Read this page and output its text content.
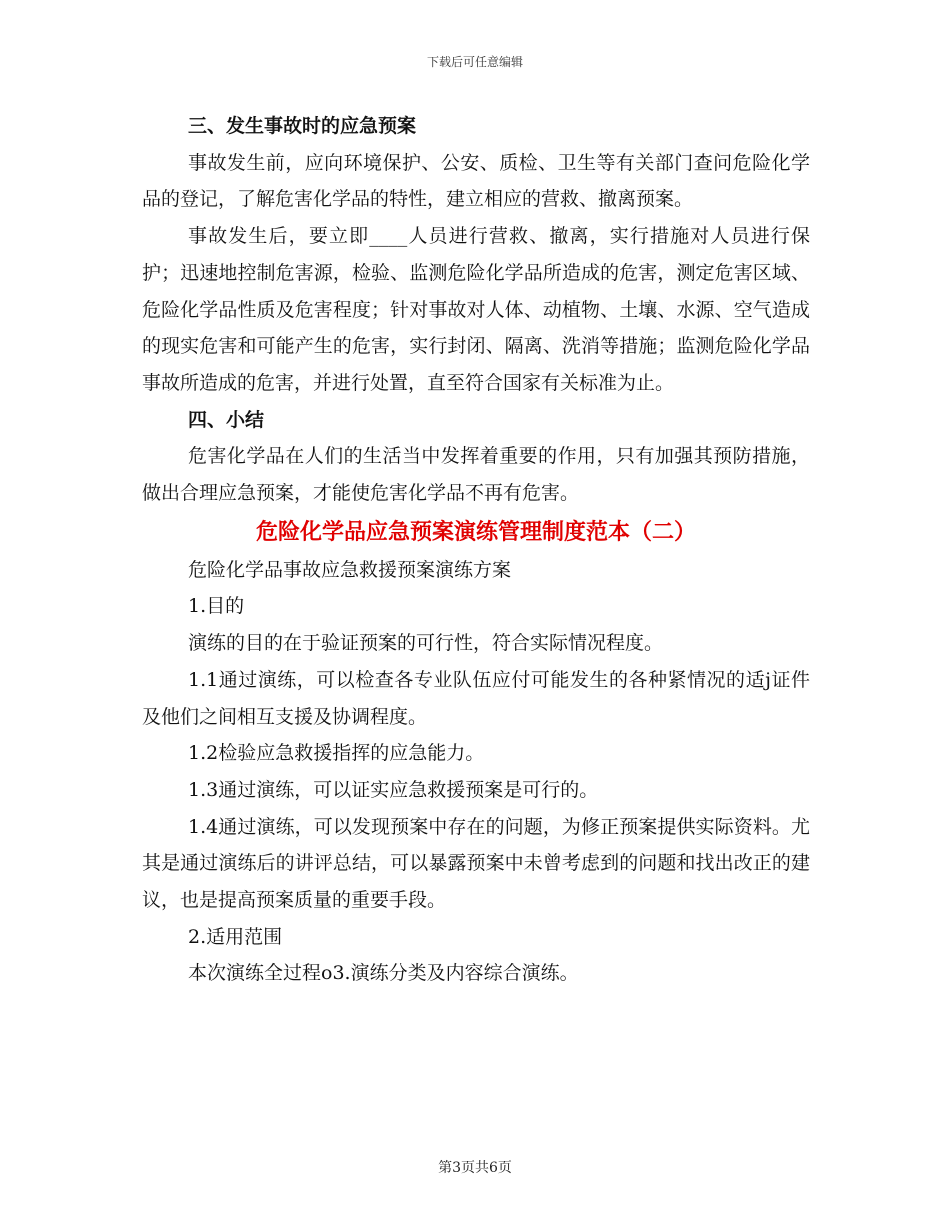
下载后可任意编辑

三、发生事故时的应急预案

事故发生前，应向环境保护、公安、质检、卫生等有关部门查问危险化学品的登记，了解危害化学品的特性，建立相应的营救、撤离预案。

事故发生后，要立即____人员进行营救、撤离，实行措施对人员进行保护；迅速地控制危害源，检验、监测危险化学品所造成的危害，测定危害区域、危险化学品性质及危害程度；针对事故对人体、动植物、土壤、水源、空气造成的现实危害和可能产生的危害，实行封闭、隔离、洗消等措施；监测危险化学品事故所造成的危害，并进行处置，直至符合国家有关标准为止。

四、小结

危害化学品在人们的生活当中发挥着重要的作用，只有加强其预防措施，做出合理应急预案，才能使危害化学品不再有危害。

危险化学品应急预案演练管理制度范本（二）

危险化学品事故应急救援预案演练方案

1.目的

演练的目的在于验证预案的可行性，符合实际情况程度。

1.1通过演练，可以检查各专业队伍应付可能发生的各种紧情况的适j证件及他们之间相互支援及协调程度。

1.2检验应急救援指挥的应急能力。

1.3通过演练，可以证实应急救援预案是可行的。

1.4通过演练，可以发现预案中存在的问题，为修正预案提供实际资料。尤其是通过演练后的讲评总结，可以暴露预案中未曾考虑到的问题和找出改正的建议，也是提高预案质量的重要手段。

2.适用范围

本次演练全过程o3.演练分类及内容综合演练。

第3页共6页
